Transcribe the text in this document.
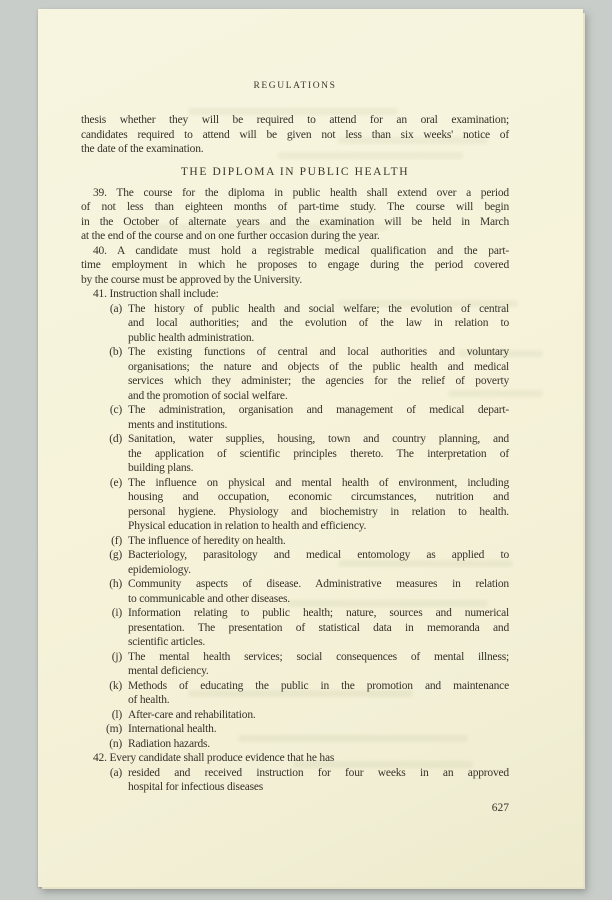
REGULATIONS
thesis whether they will be required to attend for an oral examination;
candidates required to attend will be given not less than six weeks' notice of
the date of the examination.
THE DIPLOMA IN PUBLIC HEALTH
39. The course for the diploma in public health shall extend over a period
of not less than eighteen months of part-time study. The course will begin
in the October of alternate years and the examination will be held in March
at the end of the course and on one further occasion during the year.
40. A candidate must hold a registrable medical qualification and the part-
time employment in which he proposes to engage during the period covered
by the course must be approved by the University.
41. Instruction shall include:
(a) The history of public health and social welfare; the evolution of central
and local authorities; and the evolution of the law in relation to
public health administration.
(b) The existing functions of central and local authorities and voluntary
organisations; the nature and objects of the public health and medical
services which they administer; the agencies for the relief of poverty
and the promotion of social welfare.
(c) The administration, organisation and management of medical depart-
ments and institutions.
(d) Sanitation, water supplies, housing, town and country planning, and
the application of scientific principles thereto. The interpretation of
building plans.
(e) The influence on physical and mental health of environment, including
housing and occupation, economic circumstances, nutrition and
personal hygiene. Physiology and biochemistry in relation to health.
Physical education in relation to health and efficiency.
(f) The influence of heredity on health.
(g) Bacteriology, parasitology and medical entomology as applied to
epidemiology.
(h) Community aspects of disease. Administrative measures in relation
to communicable and other diseases.
(i) Information relating to public health; nature, sources and numerical
presentation. The presentation of statistical data in memoranda and
scientific articles.
(j) The mental health services; social consequences of mental illness;
mental deficiency.
(k) Methods of educating the public in the promotion and maintenance
of health.
(l) After-care and rehabilitation.
(m) International health.
(n) Radiation hazards.
42. Every candidate shall produce evidence that he has
(a) resided and received instruction for four weeks in an approved
hospital for infectious diseases
627
